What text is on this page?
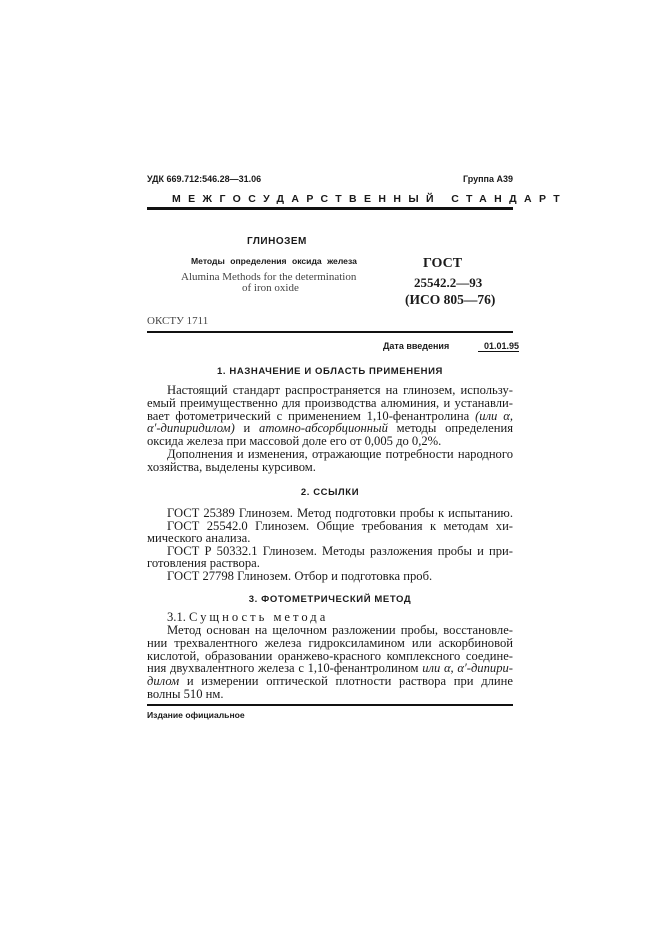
УДК 669.712:546.28—31.06	Группа А39
МЕЖГОСУДАРСТВЕННЫЙ СТАНДАРТ
ГЛИНОЗЕМ
Методы определения оксида железа
Alumina Methods for the determination
of iron oxide
ГОСТ
25542.2—93
(ИСО 805—76)
ОКСТУ 1711
Дата введения	01.01.95
1. НАЗНАЧЕНИЕ И ОБЛАСТЬ ПРИМЕНЕНИЯ
Настоящий стандарт распространяется на глинозем, использу-
емый преимущественно для производства алюминия, и устанавли-
вает фотометрический с применением 1,10-фенантролина (или α,
α′-дипиридилом) и атомно-абсорбционный методы определения
оксида железа при массовой доле его от 0,005 до 0,2%.
Дополнения и изменения, отражающие потребности народного
хозяйства, выделены курсивом.
2. ССЫЛКИ
ГОСТ 25389 Глинозем. Метод подготовки пробы к испытанию.
ГОСТ 25542.0 Глинозем. Общие требования к методам хи-
мического анализа.
ГОСТ Р 50332.1 Глинозем. Методы разложения пробы и при-
готовления раствора.
ГОСТ 27798 Глинозем. Отбор и подготовка проб.
3. ФОТОМЕТРИЧЕСКИЙ МЕТОД
3.1. Сущность метода
Метод основан на щелочном разложении пробы, восстановле-
нии трехвалентного железа гидроксиламином или аскорбиновой
кислотой, образовании оранжево-красного комплексного соедине-
ния двухвалентного железа с 1,10-фенантролином или α, α′-дипири-
дилом и измерении оптической плотности раствора при длине
волны 510 нм.
Издание официальное
